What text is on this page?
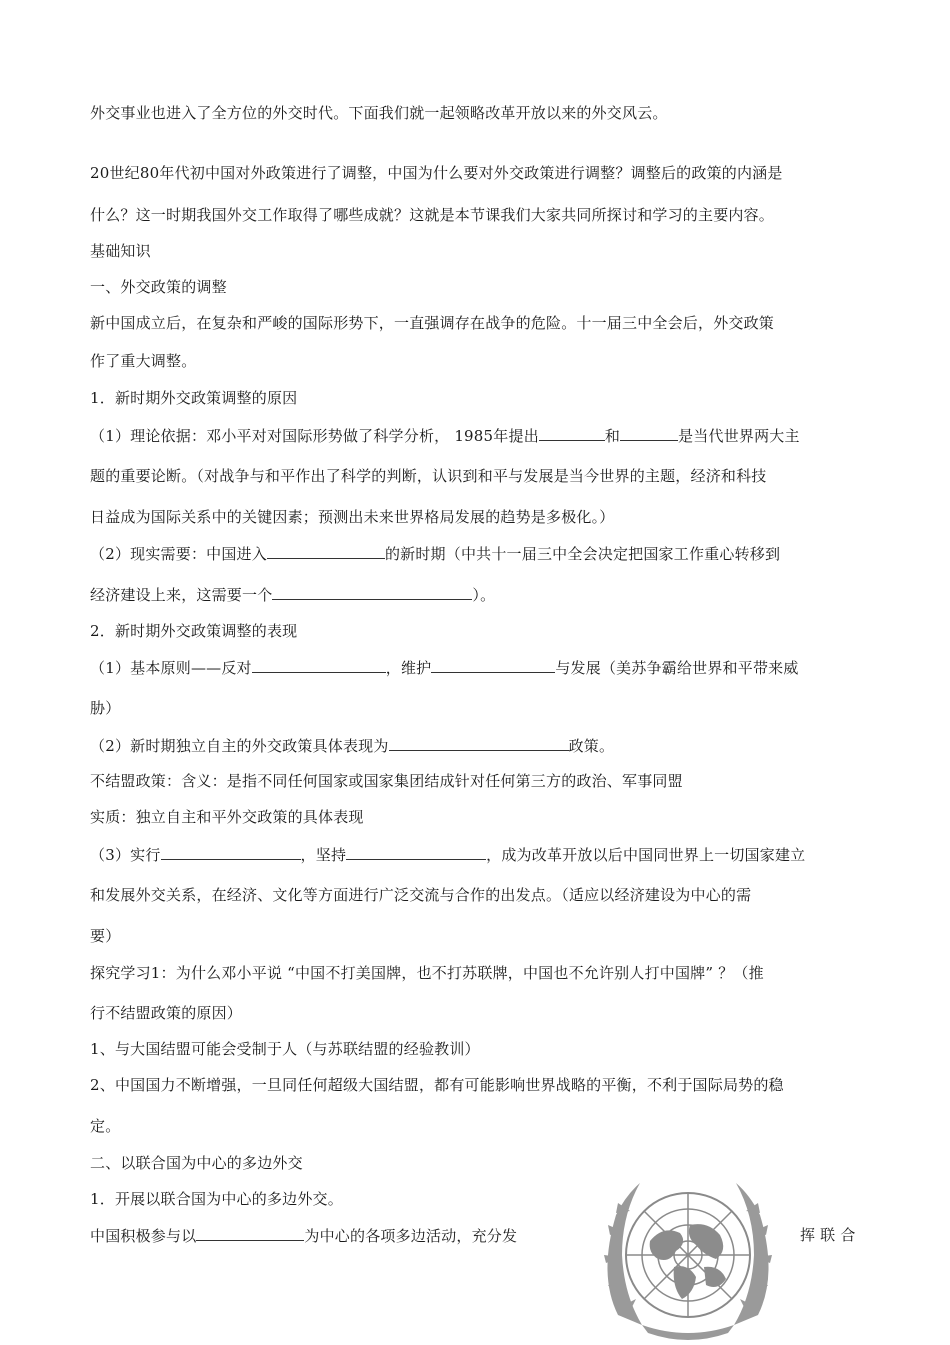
外交事业也进入了全方位的外交时代。下面我们就一起领略改革开放以来的外交风云。
20世纪80年代初中国对外政策进行了调整，中国为什么要对外交政策进行调整？调整后的政策的内涵是
什么？这一时期我国外交工作取得了哪些成就？这就是本节课我们大家共同所探讨和学习的主要内容。
基础知识
一、外交政策的调整
新中国成立后，在复杂和严峻的国际形势下，一直强调存在战争的危险。十一届三中全会后，外交政策
作了重大调整。
1．新时期外交政策调整的原因
（1）理论依据：邓小平对对国际形势做了科学分析， 1985年提出	和	是当代世界两大主
题的重要论断。（对战争与和平作出了科学的判断，认识到和平与发展是当今世界的主题，经济和科技
日益成为国际关系中的关键因素；预测出未来世界格局发展的趋势是多极化。）
（2）现实需要：中国进入	的新时期（中共十一届三中全会决定把国家工作重心转移到
经济建设上来，这需要一个	）。
2．新时期外交政策调整的表现
（1）基本原则——反对	，维护	与发展（美苏争霸给世界和平带来威
胁）
（2）新时期独立自主的外交政策具体表现为	政策。
不结盟政策：含义：是指不同任何国家或国家集团结成针对任何第三方的政治、军事同盟
实质：独立自主和平外交政策的具体表现
（3）实行	，坚持	，成为改革开放以后中国同世界上一切国家建立
和发展外交关系，在经济、文化等方面进行广泛交流与合作的出发点。（适应以经济建设为中心的需
要）
探究学习1：为什么邓小平说 “中国不打美国牌，也不打苏联牌，中国也不允许别人打中国牌” ？（推
行不结盟政策的原因）
1、与大国结盟可能会受制于人（与苏联结盟的经验教训）
2、中国国力不断增强，一旦同任何超级大国结盟，都有可能影响世界战略的平衡，不利于国际局势的稳
定。
二、以联合国为中心的多边外交
1．开展以联合国为中心的多边外交。
中国积极参与以	为中心的各项多边活动，充分发	挥 联 合
